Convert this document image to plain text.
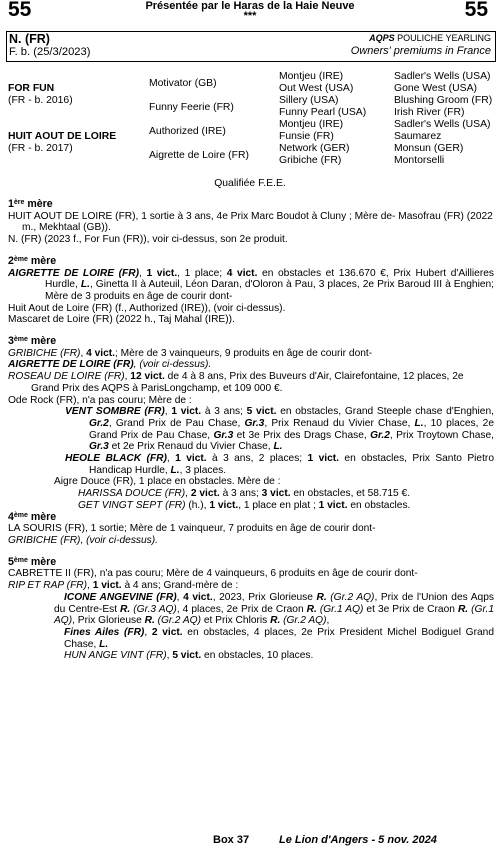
55	55
Présentée par le Haras de la Haie Neuve
***
N. (FR)
F. b. (25/3/2023)
AQPS POULICHE YEARLING
Owners' premiums in France
FOR FUN
(FR - b. 2016)
HUIT AOUT DE LOIRE
(FR - b. 2017)
Motivator (GB)
Funny Feerie (FR)
Authorized (IRE)
Aigrette de Loire (FR)
Montjeu (IRE)
Out West (USA)
Sillery (USA)
Funny Pearl (USA)
Montjeu (IRE)
Funsie (FR)
Network (GER)
Gribiche (FR)
Sadler's Wells (USA)
Gone West (USA)
Blushing Groom (FR)
Irish River (FR)
Sadler's Wells (USA)
Saumarez
Monsun (GER)
Montorselli
Qualifiée F.E.E.

1ère mère

HUIT AOUT DE LOIRE (FR), 1 sortie à 3 ans, 4e Prix Marc Boudot à Cluny ; Mère de- Masofrau (FR) (2022 m., Mekhtaal (GB)).

N. (FR) (2023 f., For Fun (FR)), voir ci-dessus, son 2e produit.

2ème mère

AIGRETTE DE LOIRE (FR), 1 vict., 1 place; 4 vict. en obstacles et 136.670 €, Prix Hubert d'Aillieres Hurdle, L., Ginetta II à Auteuil, Léon Daran, d'Oloron à Pau, 3 places, 2e Prix Baroud III à Enghien; Mère de 3 produits en âge de courir dont-

Huit Aout de Loire (FR) (f., Authorized (IRE)), (voir ci-dessus).

Mascaret de Loire (FR) (2022 h., Taj Mahal (IRE)).

3ème mère

GRIBICHE (FR), 4 vict.; Mère de 3 vainqueurs, 9 produits en âge de courir dont-

AIGRETTE DE LOIRE (FR), (voir ci-dessus).

ROSEAU DE LOIRE (FR), 12 vict. de 4 à 8 ans, Prix des Buveurs d'Air, Clairefontaine, 12 places, 2e Grand Prix des AQPS à ParisLongchamp, et 109 000 €.

Ode Rock (FR), n'a pas couru; Mère de :

VENT SOMBRE (FR), 1 vict. à 3 ans; 5 vict. en obstacles, Grand Steeple chase d'Enghien, Gr.2, Grand Prix de Pau Chase, Gr.3, Prix Renaud du Vivier Chase, L., 10 places, 2e Grand Prix de Pau Chase, Gr.3 et 3e Prix des Drags Chase, Gr.2, Prix Troytown Chase, Gr.3 et 2e Prix Renaud du Vivier Chase, L.

HEOLE BLACK (FR), 1 vict. à 3 ans, 2 places; 1 vict. en obstacles, Prix Santo Pietro Handicap Hurdle, L., 3 places.

Aigre Douce (FR), 1 place en obstacles. Mère de :

HARISSA DOUCE (FR), 2 vict. à 3 ans; 3 vict. en obstacles, et 58.715 €.

GET VINGT SEPT (FR) (h.), 1 vict., 1 place en plat ; 1 vict. en obstacles.

4ème mère

LA SOURIS (FR), 1 sortie; Mère de 1 vainqueur, 7 produits en âge de courir dont-

GRIBICHE (FR), (voir ci-dessus).

5ème mère

CABRETTE II (FR), n'a pas couru; Mère de 4 vainqueurs, 6 produits en âge de courir dont-

RIP ET RAP (FR), 1 vict. à 4 ans; Grand-mère de :

ICONE ANGEVINE (FR), 4 vict., 2023, Prix Glorieuse R. (Gr.2 AQ), Prix de l'Union des Aqps du Centre-Est R. (Gr.3 AQ), 4 places, 2e Prix de Craon R. (Gr.1 AQ) et 3e Prix de Craon R. (Gr.1 AQ), Prix Glorieuse R. (Gr.2 AQ) et Prix Chloris R. (Gr.2 AQ),

Fines Ailes (FR), 2 vict. en obstacles, 4 places, 2e Prix President Michel Bodiguel Grand Chase, L.

HUN ANGE VINT (FR), 5 vict. en obstacles, 10 places.

Box 37	Le Lion d'Angers - 5 nov. 2024
